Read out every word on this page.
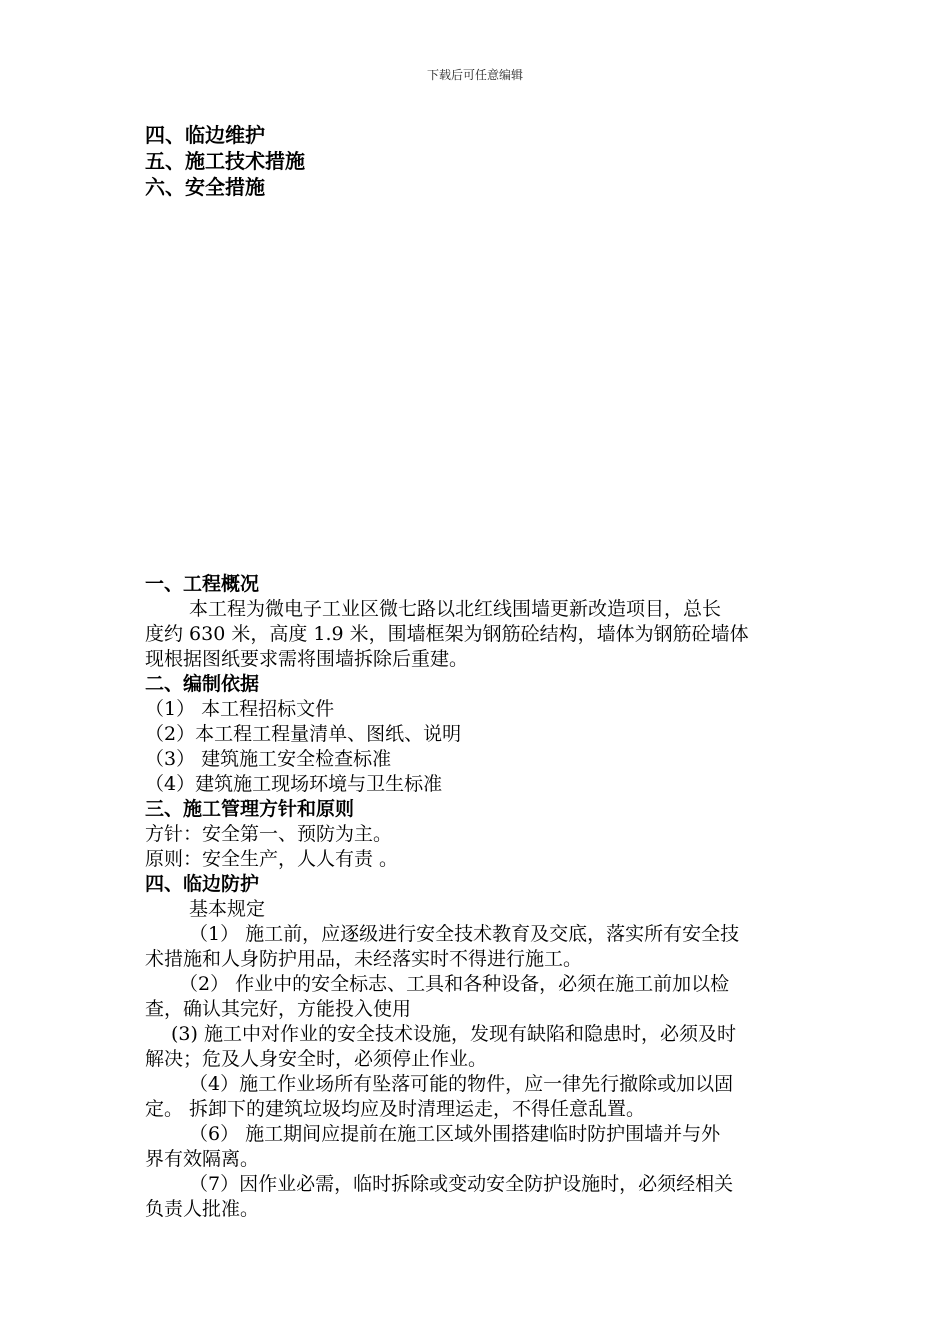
下载后可任意编辑
四、临边维护
五、施工技术措施
六、安全措施
一、工程概况
本工程为微电子工业区微七路以北红线围墙更新改造项目，总长
度约 630 米，高度 1.9 米，围墙框架为钢筋砼结构，墙体为钢筋砼墙体
现根据图纸要求需将围墙拆除后重建。
二、编制依据
（1） 本工程招标文件
（2）本工程工程量清单、图纸、说明
（3） 建筑施工安全检查标准
（4）建筑施工现场环境与卫生标准
三、施工管理方针和原则
方针：安全第一、预防为主。
原则：安全生产，人人有责 。
四、临边防护
基本规定
（1） 施工前，应逐级进行安全技术教育及交底，落实所有安全技
术措施和人身防护用品，未经落实时不得进行施工。
（2） 作业中的安全标志、工具和各种设备，必须在施工前加以检
查，确认其完好，方能投入使用
(3) 施工中对作业的安全技术设施，发现有缺陷和隐患时，必须及时
解决；危及人身安全时，必须停止作业。
（4）施工作业场所有坠落可能的物件，应一律先行撤除或加以固
定。 拆卸下的建筑垃圾均应及时清理运走，不得任意乱置。
（6） 施工期间应提前在施工区域外围搭建临时防护围墙并与外
界有效隔离。
（7）因作业必需，临时拆除或变动安全防护设施时，必须经相关
负责人批准。
